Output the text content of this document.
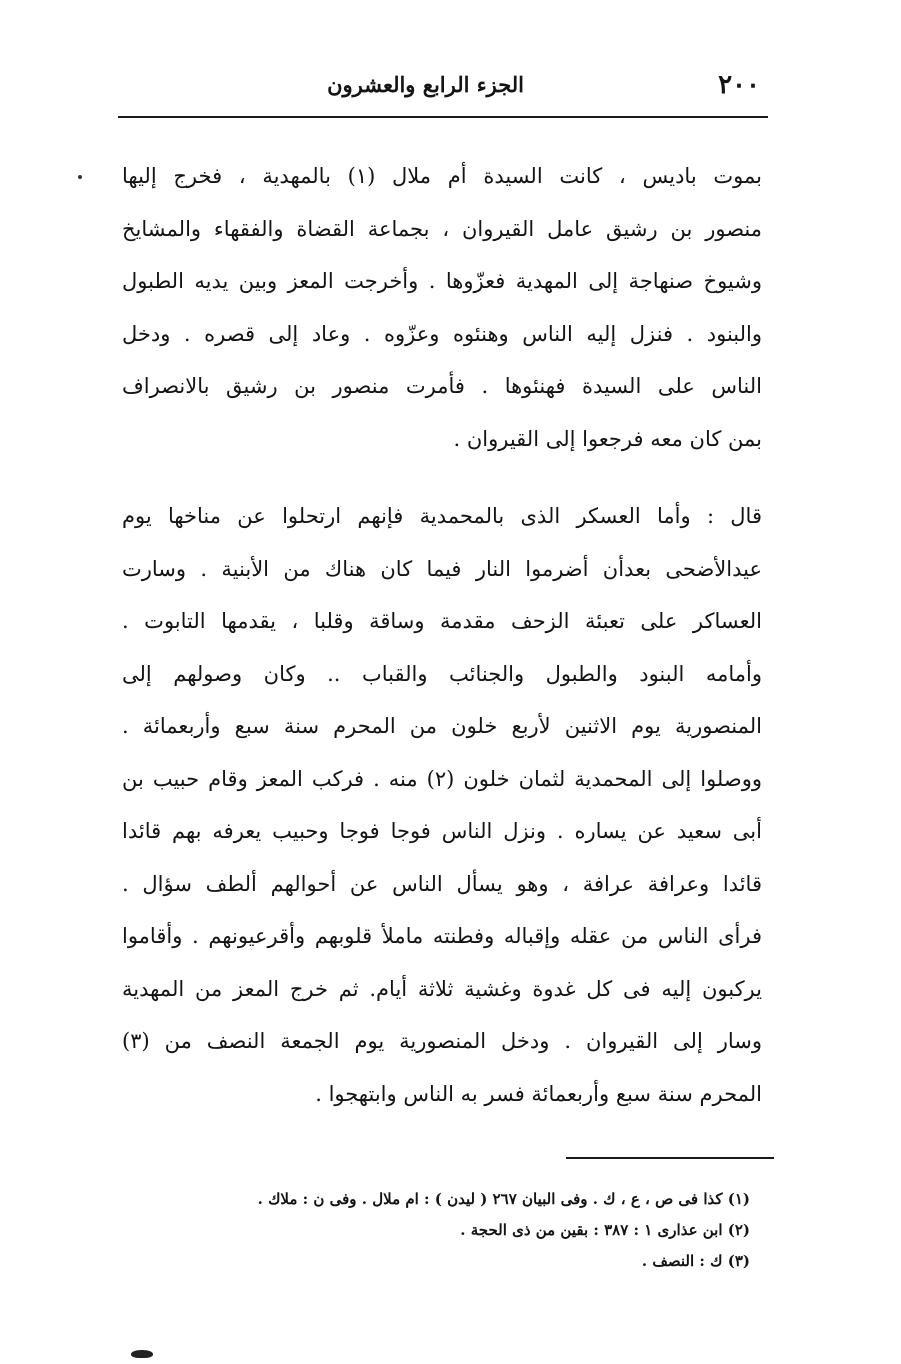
٢٠٠
الجزء الرابع والعشرون
بموت باديس ، كانت السيدة أم ملال (١) بالمهدية ، فخرج إليها
منصور بن رشيق عامل القيروان ، بجماعة القضاة والفقهاء والمشايخ
وشيوخ صنهاجة إلى المهدية فعزّوها . وأخرجت المعز وبين يديه الطبول
والبنود . فنزل إليه الناس وهنئوه وعزّوه . وعاد إلى قصره . ودخل
الناس على السيدة فهنئوها . فأمرت منصور بن رشيق بالانصراف
بمن كان معه فرجعوا إلى القيروان .
قال : وأما العسكر الذى بالمحمدية فإنهم ارتحلوا عن مناخها يوم
عيدالأضحى بعدأن أضرموا النار فيما كان هناك من الأبنية . وسارت
العساكر على تعبئة الزحف مقدمة وساقة وقلبا ، يقدمها التابوت .
وأمامه البنود والطبول والجنائب والقباب .. وكان وصولهم إلى
المنصورية يوم الاثنين لأربع خلون من المحرم سنة سبع وأربعمائة .
ووصلوا إلى المحمدية لثمان خلون (٢) منه . فركب المعز وقام حبيب بن
أبى سعيد عن يساره . ونزل الناس فوجا فوجا وحبيب يعرفه بهم قائدا
قائدا وعرافة عرافة ، وهو يسأل الناس عن أحوالهم ألطف سؤال .
فرأى الناس من عقله وإقباله وفطنته ماملأ قلوبهم وأقرعيونهم . وأقاموا
يركبون إليه فى كل غدوة وغشية ثلاثة أيام. ثم خرج المعز من المهدية
وسار إلى القيروان . ودخل المنصورية يوم الجمعة النصف من (٣)
المحرم سنة سبع وأربعمائة فسر به الناس وابتهجوا .
(١) كذا فى ص ، ع ، ك . وفى البيان ٢٦٧ ( ليدن ) : ام ملال . وفى ن : ملاك .
(٢) ابن عذارى ١ : ٣٨٧ : بقين من ذى الحجة .
(٣) ك : النصف .
